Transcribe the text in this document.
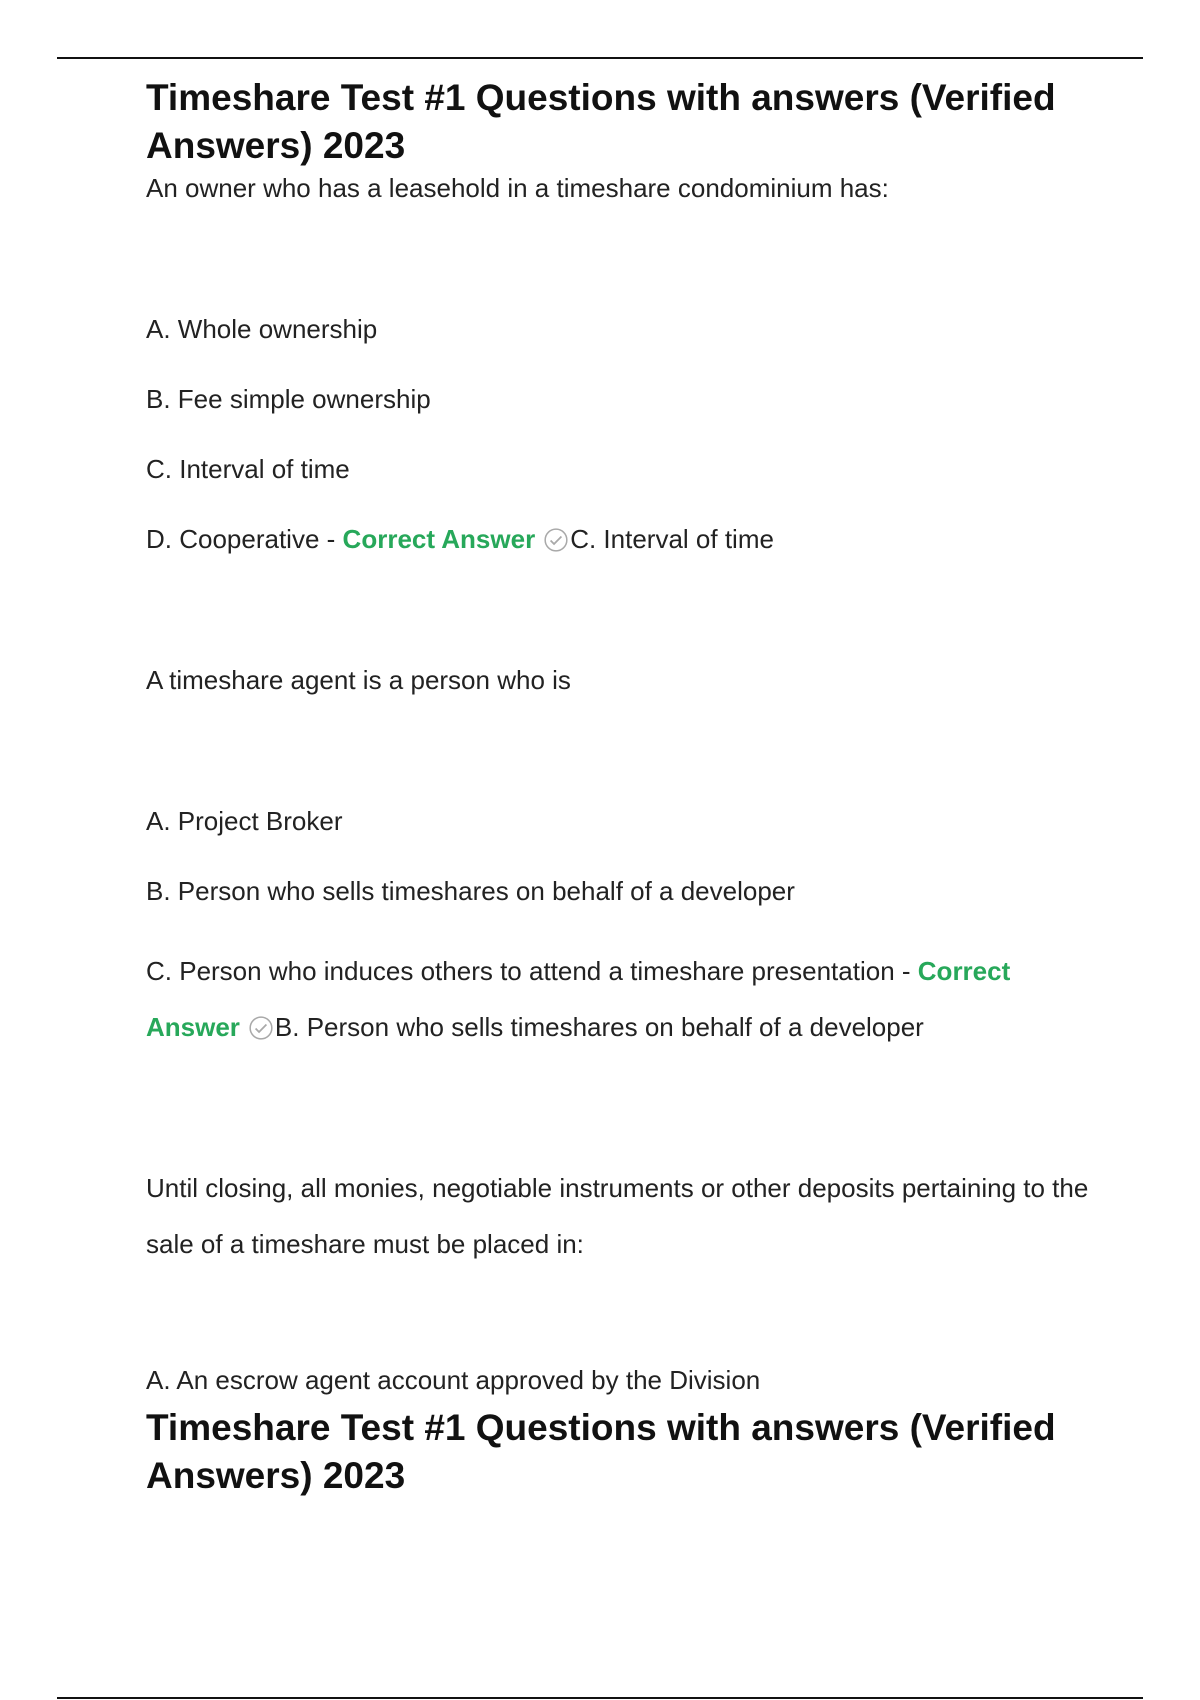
Timeshare Test #1 Questions with answers (Verified Answers) 2023

An owner who has a leasehold in a timeshare condominium has:

A. Whole ownership

B. Fee simple ownership

C. Interval of time

D. Cooperative - Correct Answer C. Interval of time

A timeshare agent is a person who is

A. Project Broker

B. Person who sells timeshares on behalf of a developer

C. Person who induces others to attend a timeshare presentation - Correct Answer B. Person who sells timeshares on behalf of a developer

Until closing, all monies, negotiable instruments or other deposits pertaining to the sale of a timeshare must be placed in:

A. An escrow agent account approved by the Division

Timeshare Test #1 Questions with answers (Verified Answers) 2023
